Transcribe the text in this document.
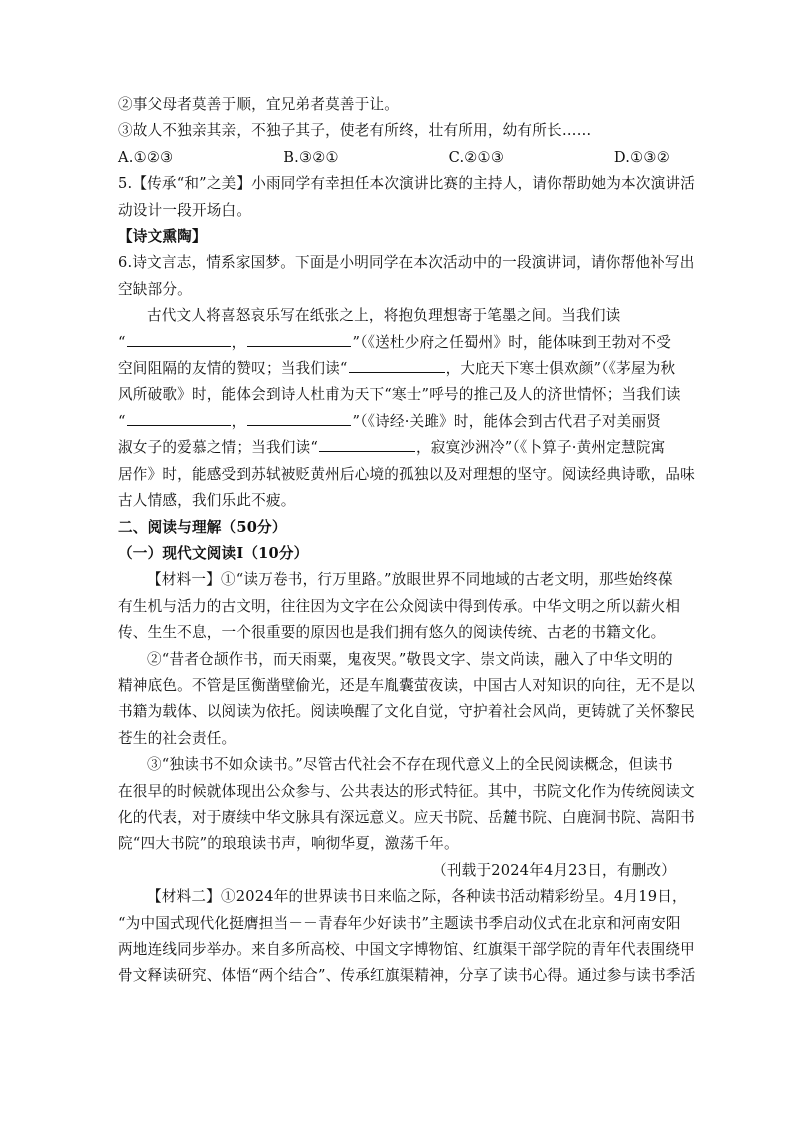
②事父母者莫善于顺，宜兄弟者莫善于让。
③故人不独亲其亲，不独子其子，使老有所终，壮有所用，幼有所长……
A.①②③	B.③②①	C.②①③	D.①③②
5.【传承“和”之美】小雨同学有幸担任本次演讲比赛的主持人，请你帮助她为本次演讲活
动设计一段开场白。
【诗文熏陶】
6.诗文言志，情系家国梦。下面是小明同学在本次活动中的一段演讲词，请你帮他补写出
空缺部分。
古代文人将喜怒哀乐写在纸张之上，将抱负理想寄于笔墨之间。当我们读
“	，	”（《送杜少府之任蜀州》时，能体味到王勃对不受
空间阻隔的友情的赞叹；当我们读“	，大庇天下寒士俱欢颜”（《茅屋为秋
风所破歌》时，能体会到诗人杜甫为天下“寒士”呼号的推己及人的济世情怀；当我们读
“	，	”（《诗经·关雎》时，能体会到古代君子对美丽贤
淑女子的爱慕之情；当我们读“	，寂寞沙洲冷”（《卜算子·黄州定慧院寓
居作》时，能感受到苏轼被贬黄州后心境的孤独以及对理想的坚守。阅读经典诗歌，品味
古人情感，我们乐此不疲。
二、阅读与理解（50分）
（一）现代文阅读Ⅰ（10分）
【材料一】①“读万卷书，行万里路。”放眼世界不同地域的古老文明，那些始终葆
有生机与活力的古文明，往往因为文字在公众阅读中得到传承。中华文明之所以薪火相
传、生生不息，一个很重要的原因也是我们拥有悠久的阅读传统、古老的书籍文化。
②“昔者仓颉作书，而天雨粟，鬼夜哭。”敬畏文字、崇文尚读，融入了中华文明的
精神底色。不管是匡衡凿壁偷光，还是车胤囊萤夜读，中国古人对知识的向往，无不是以
书籍为载体、以阅读为依托。阅读唤醒了文化自觉，守护着社会风尚，更铸就了关怀黎民
苍生的社会责任。
③“独读书不如众读书。”尽管古代社会不存在现代意义上的全民阅读概念，但读书
在很早的时候就体现出公众参与、公共表达的形式特征。其中，书院文化作为传统阅读文
化的代表，对于赓续中华文脉具有深远意义。应天书院、岳麓书院、白鹿洞书院、嵩阳书
院“四大书院”的琅琅读书声，响彻华夏，激荡千年。
（刊载于2024年4月23日，有删改）
【材料二】①2024年的世界读书日来临之际，各种读书活动精彩纷呈。4月19日，
“为中国式现代化挺膺担当－－青春年少好读书”主题读书季启动仪式在北京和河南安阳
两地连线同步举办。来自多所高校、中国文字博物馆、红旗渠干部学院的青年代表围绕甲
骨文释读研究、体悟“两个结合”、传承红旗渠精神，分享了读书心得。通过参与读书季活
